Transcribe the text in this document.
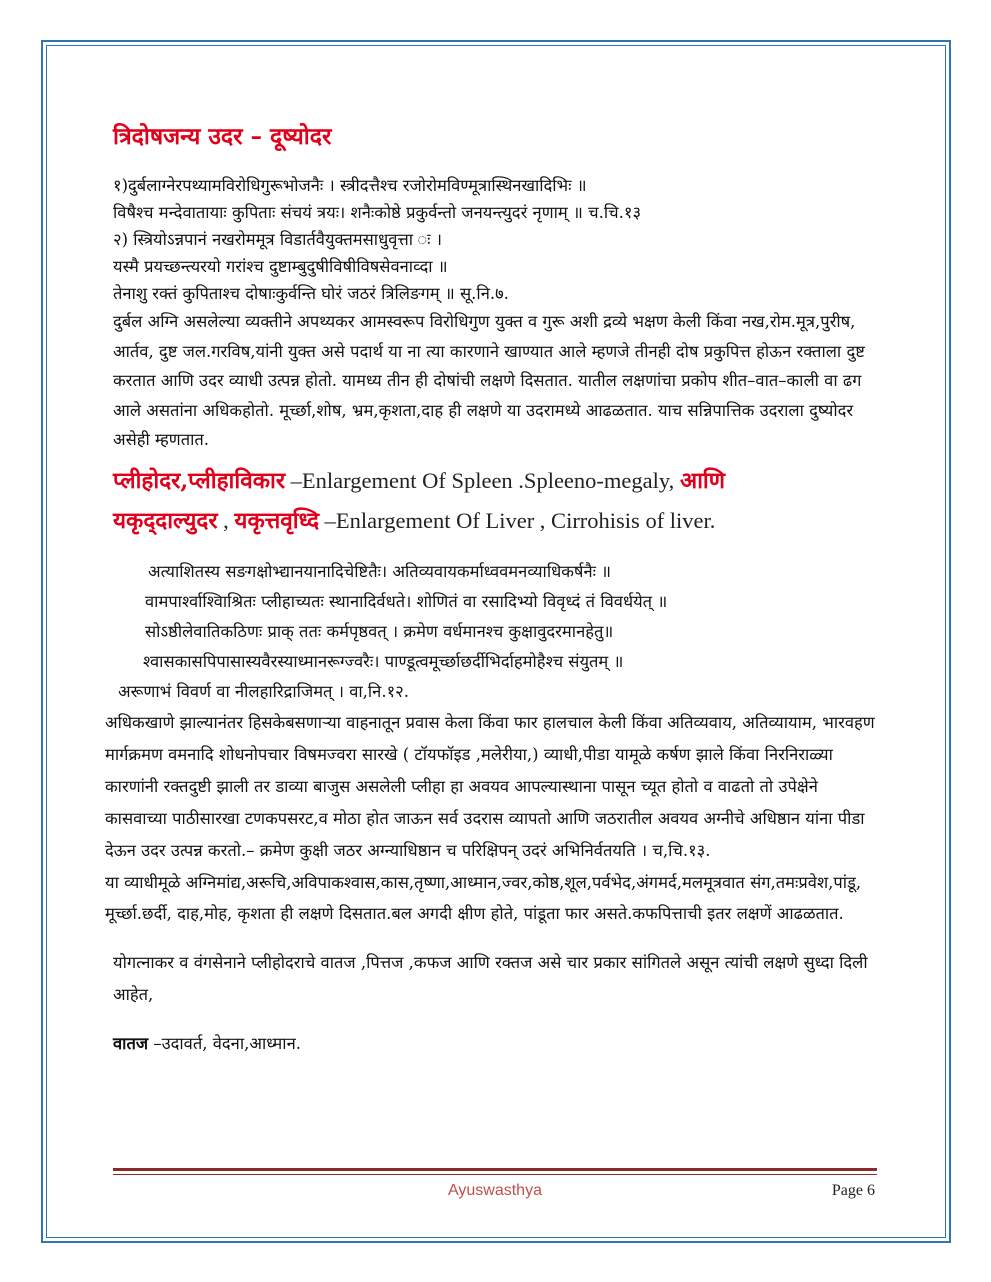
त्रिदोषजन्य उदर – दूष्योदर
१)दुर्बलाग्नेरपथ्यामविरोधिगुरूभोजनैः । स्त्रीदत्तैश्च रजोरोमविण्मूत्रास्थिनखादिभिः ॥
विषैश्च मन्देवातायाः कुपिताः संचयं त्रयः। शनैःकोष्ठे प्रकुर्वन्तो जनयन्त्युदरं नृणाम् ॥ च.चि.१३
२) स्त्रियोऽन्नपानं नखरोममूत्र विडार्तवैयुक्तमसाधुवृत्ता ः ।
यस्मै प्रयच्छन्त्यरयो गरांश्च दुष्टाम्बुदुषीविषीविषसेवनाव्दा ॥
तेनाशु रक्तं कुपिताश्च दोषाःकुर्वन्ति घोरं जठरं त्रिलिङगम् ॥ सू.नि.७.

दुर्बल अग्नि असलेल्या व्यक्तीने अपथ्यकर आमस्वरूप विरोधिगुण युक्त व गुरू अशी द्रव्ये भक्षण केली किंवा नख,रोम.मूत्र,पुरीष, आर्तव, दुष्ट जल.गरविष,यांनी युक्त असे पदार्थ या ना त्या कारणाने खाण्यात आले म्हणजे तीनही दोष प्रकुपित्त होऊन रक्ताला दुष्ट करतात आणि उदर व्याधी उत्पन्न होतो. यामध्य तीन ही दोषांची लक्षणे दिसतात. यातील लक्षणांचा प्रकोप शीत–वात–काली वा ढग आले असतांना अधिकहोतो. मूर्च्छा,शोष, भ्रम,कृशता,दाह ही लक्षणे या उदरामध्ये आढळतात. याच सन्निपात्तिक उदराला दुष्योदर असेही म्हणतात.

प्लीहोदर,प्लीहाविकार –Enlargement Of Spleen .Spleeno-megaly, आणि
यकृद्‍दाल्युदर , यकृत्तवृध्दि –Enlargement Of Liver , Cirrohisis of liver.
अत्याशितस्य सङगक्षोभ्द्यानयानादिचेष्टितैः। अतिव्यवायकर्माध्ववमनव्याधिकर्षनैः ॥
वामपार्श्वाश्विाश्रितः प्लीहाच्यतः स्थानादिर्वधते। शोणितं वा रसादिभ्यो विवृध्दं तं विवर्धयेत् ॥
सोऽष्ठीलेवातिकठिणः प्राक् ततः कर्मपृष्ठवत् । क्रमेण वर्धमानश्च कुक्षावुदरमानहेतु॥
श्वासकासपिपासास्यवैरस्याध्मानरूग्ज्वरैः। पाण्डूत्वमूर्च्छाछर्दीभिर्दाहमोहैश्च संयुतम् ॥
अरूणाभं विवर्ण वा नीलहारिद्राजिमत् । वा,नि.१२.

अधिकखाणे झाल्यानंतर हिसकेबसणाऱ्या वाहनातून प्रवास केला किंवा फार हालचाल केली किंवा अतिव्यवाय, अतिव्यायाम, भारवहण मार्गक्रमण वमनादि शोधनोपचार विषमज्वरा सारखे ( टॉयफॉइड ,मलेरीया,) व्याधी,पीडा यामूळे कर्षण झाले किंवा निरनिराळ्या कारणांनी रक्तदुष्टी झाली तर डाव्या बाजुस असलेली प्लीहा हा अवयव आपल्यास्थाना पासून च्यूत होतो व वाढतो तो उपेक्षेने कासवाच्या पाठीसारखा टणकपसरट,व मोठा होत जाऊन सर्व उदरास व्यापतो आणि जठरातील अवयव अग्नीचे अधिष्ठान यांना पीडा देऊन उदर उत्पन्न करतो.– क्रमेण कुक्षी जठर अग्न्याधिष्ठान च परिक्षिपन् उदरं अभिनिर्वतयति । च,चि.१३.

या व्याधीमूळे अग्निमांद्य,अरूचि,अविपाकश्वास,कास,तृष्णा,आध्मान,ज्वर,कोष्ठ,शूल,पर्वभेद,अंगमर्द,मलमूत्रवात संग,तमःप्रवेश,पांडू, मूर्च्छा.छर्दी, दाह,मोह, कृशता ही लक्षणे दिसतात.बल अगदी क्षीण होते, पांडूता फार असते.कफपित्ताची इतर लक्षणें आढळतात.

योगत्नाकर व वंगसेनाने प्लीहोदराचे वातज ,पित्तज ,कफज आणि रक्तज असे चार प्रकार सांगितले असून त्यांची लक्षणे सुध्दा दिली आहेत,

वातज –उदावर्त, वेदना,आध्मान.

Ayuswasthya	Page 6
